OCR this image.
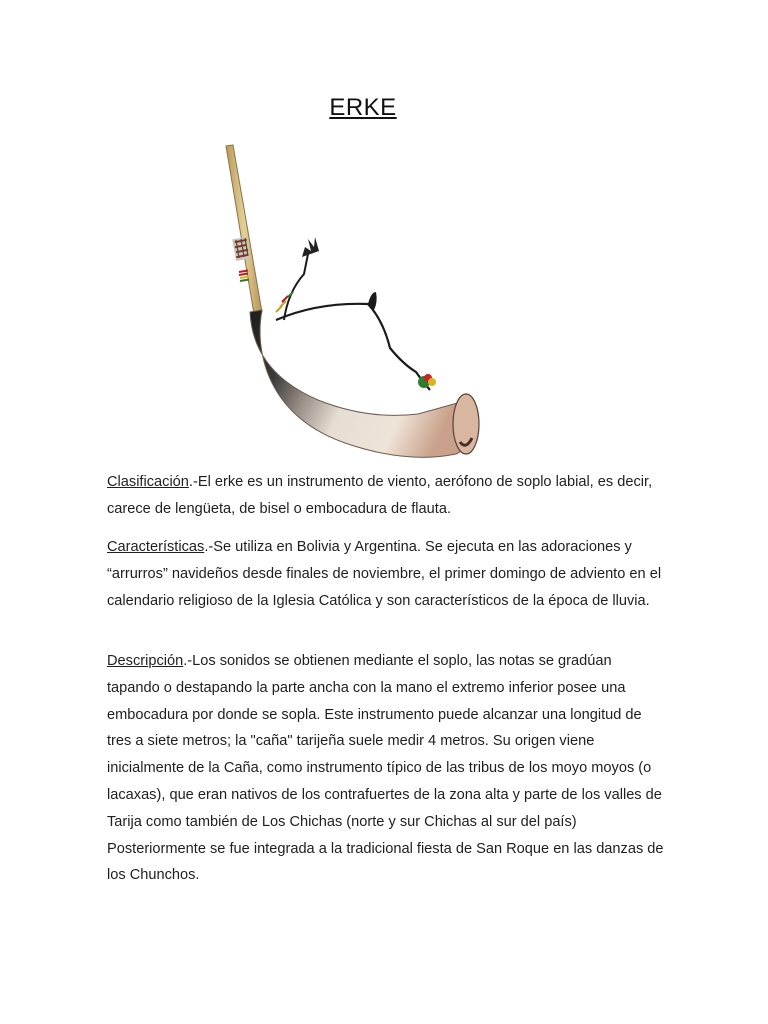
ERKE

Clasificación.-El erke es un instrumento de viento, aerófono de soplo labial, es decir, carece de lengüeta, de bisel o embocadura de flauta.

Características.-Se utiliza en Bolivia y Argentina. Se ejecuta en las adoraciones y “arrurros” navideños desde finales de noviembre, el primer domingo de adviento en el calendario religioso de la Iglesia Católica y son característicos de la época de lluvia.

Descripción.-Los sonidos se obtienen mediante el soplo, las notas se gradúan tapando o destapando la parte ancha con la mano el extremo inferior posee una embocadura por donde se sopla. Este instrumento puede alcanzar una longitud de tres a siete metros; la "caña" tarijeña suele medir 4 metros. Su origen viene inicialmente de la Caña, como instrumento típico de las tribus de los moyo moyos (o lacaxas), que eran nativos de los contrafuertes de la zona alta y parte de los valles de Tarija como también de Los Chichas (norte y sur Chichas al sur del país) Posteriormente se fue integrada a la tradicional fiesta de San Roque en las danzas de los Chunchos.
